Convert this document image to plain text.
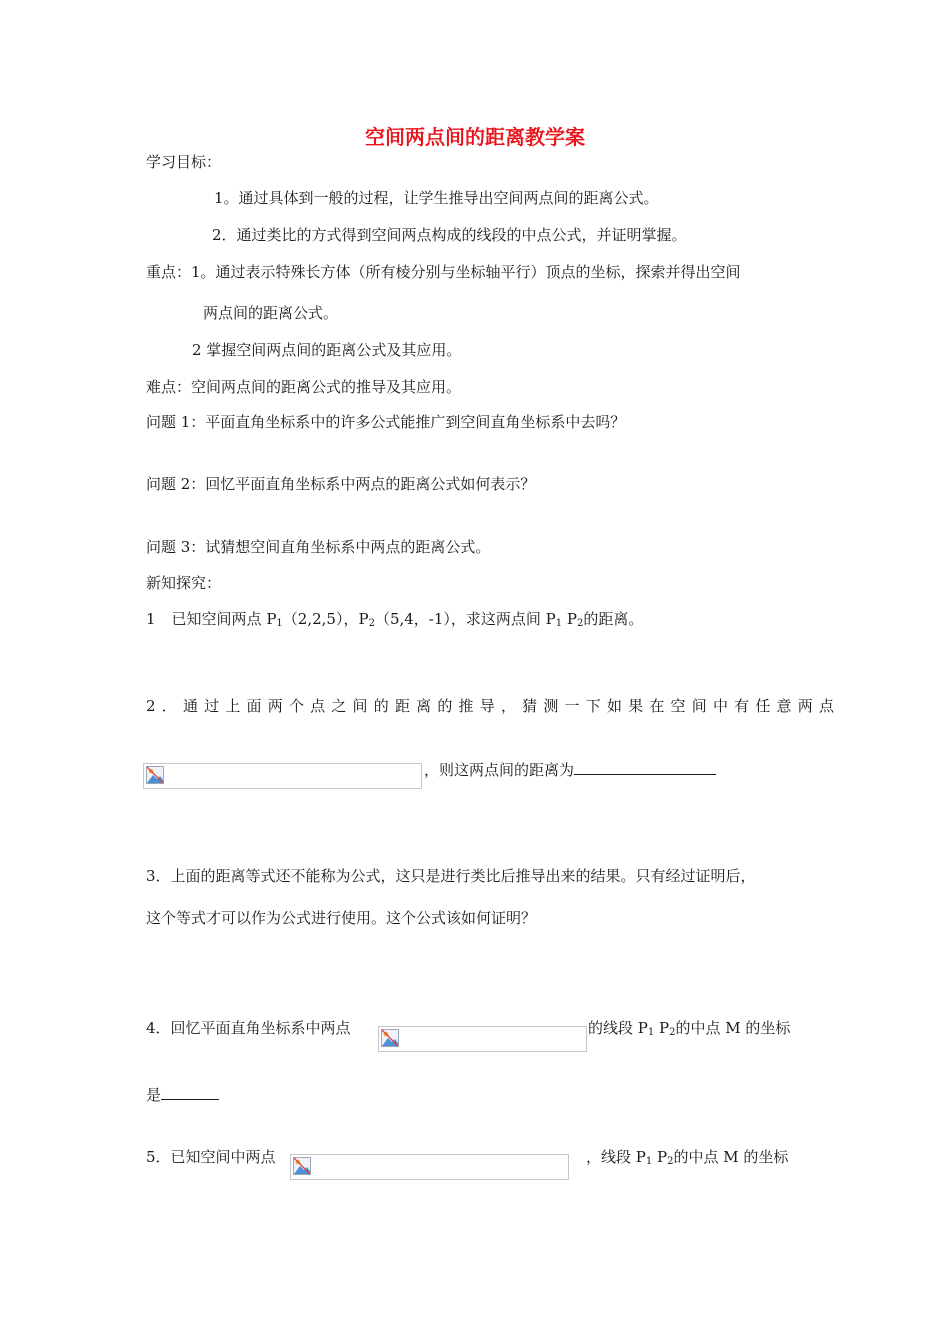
空间两点间的距离教学案
学习目标：
1。通过具体到一般的过程，让学生推导出空间两点间的距离公式。
2．通过类比的方式得到空间两点构成的线段的中点公式，并证明掌握。
重点：1。通过表示特殊长方体（所有棱分别与坐标轴平行）顶点的坐标，探索并得出空间
两点间的距离公式。
2 掌握空间两点间的距离公式及其应用。
难点：空间两点间的距离公式的推导及其应用。
问题 1：平面直角坐标系中的许多公式能推广到空间直角坐标系中去吗？
问题 2：回忆平面直角坐标系中两点的距离公式如何表示？
问题 3：试猜想空间直角坐标系中两点的距离公式。
新知探究：
1 已知空间两点 $P_1(2,2,5)$，$P_2(5,4$，-1），求这两点间 $P_1$ $P_2$的距离。
2．通过上面两个点之间的距离的推导，猜测一下如果在空间中有任意两点
，则这两点间的距离为
3．上面的距离等式还不能称为公式，这只是进行类比后推导出来的结果。只有经过证明后，
这个等式才可以作为公式进行使用。这个公式该如何证明？
4．回忆平面直角坐标系中两点	的线段 $P_1$ $P_2$的中点 M 的坐标
是
5．已知空间中两点	，线段 $P_1$ $P_2$的中点 M 的坐标
